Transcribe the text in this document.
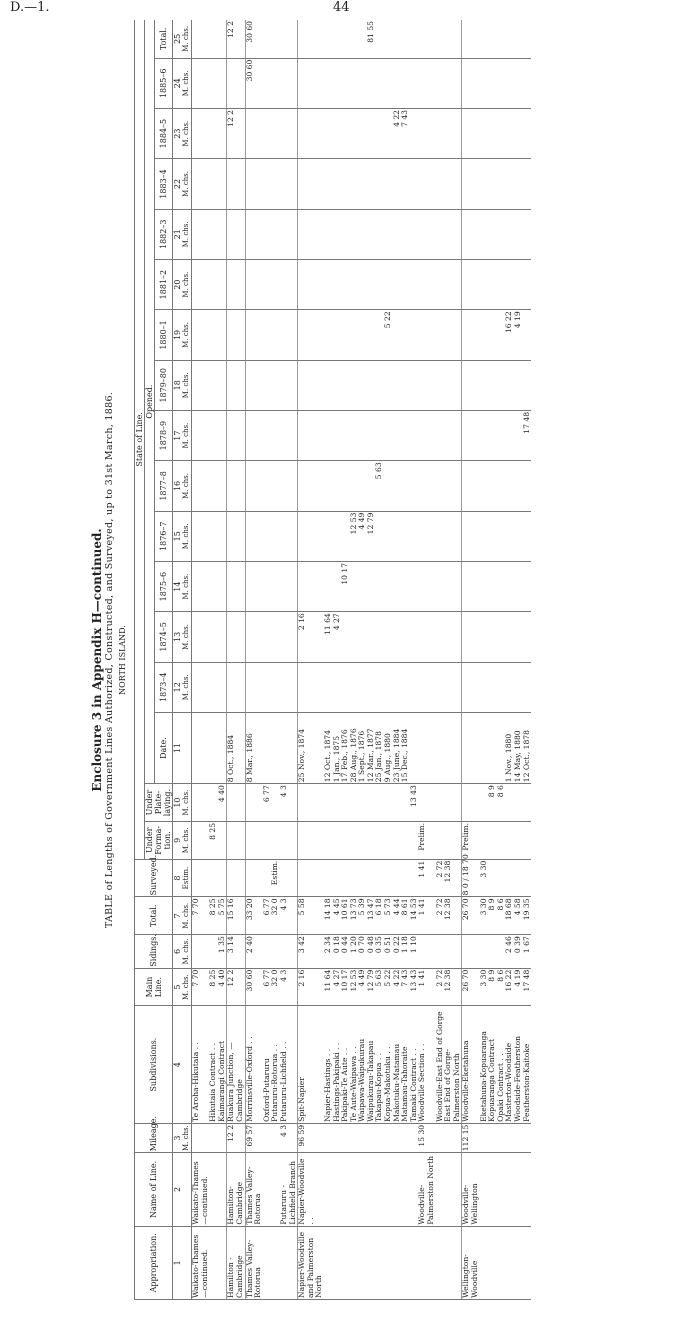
D.—1.	44
Enclosure 3 in Appendix H—continued. TABLE of Lengths of Government Lines Authorized, Constructed, and Surveyed, up to 31st March, 1886. NORTH ISLAND.
Appropriation.	Name of Line.	Mileage.	Subdivisions.	Main Line.	Sidings.	Total.	Surveyed.	State of Line.																
								Under Forma-tion.	Under Plate-laying.	Opened.														
										Date.	1873–4	1874–5	1875–6	1876–7	1877–8	1878–9	1879–80	1880–1	1881–2	1882–3	1883–4	1884–5	1885–6	Total.

1	2	3	4	5	6	7	8	9	10	11	12	13	14	15	16	17	18	19	20	21	22	23	24	25
		M. chs.		M. chs.	M. chs.	M. chs.	Estim.	M. chs.	M. chs.		M. chs.	M. chs.	M. chs.	M. chs.	M. chs.	M. chs.	M. chs.	M. chs.	M. chs.	M. chs.	M. chs.	M. chs.	M. chs.	M. chs.
Waikato-Thames —continued.	Waikato-Thames—continued.		Te Aroha-Hikutaia . .	7 70		7 70																		
			Hikutaia Contract . .	8 25		8 25		8 25																
			Kaimarangi Contract	4 40	1 35	5 75			4 40															
Hamilton - Cambridge	Hamilton-Cambridge	12 2	Ruakura Junction, —Cambridge	12 2	3 14	15 16				8 Oct., 1884												12 2		12 2
Thames Valley-Rotorua	Thames Valley-Rotorua	69 57	Morrinsville-Oxford . .	30 60	2 40	33 20				8 Mar., 1886													30 60	30 60
			Oxford-Putaruru	6 77		6 77			6 77															
			Putaruru-Rotorua . .	32 0		32 0	Estim.																	
	Putaruru - Lichfield Branch	4 3	Putaruru-Lichfield . .	4 3		4 3			4 3															
Napier-Woodville and Palmerston North	Napier-Woodville . .	96 59	Spit-Napier	2 16	3 42	5 58				25 Nov., 1874		2 16												
			Napier-Hastings . .	11 64	2 34	14 18				12 Oct., 1874		11 64												
			Hastings-Pakipaki . .	4 27	0 18	4 45				1 Jan., 1875		4 27												
			Pakipaki-Te Aute . .	10 17	0 44	10 61				17 Feb., 1876			10 17											
			Te Aute-Waipawa . .	12 53	1 20	13 73				28 Aug., 1876				12 53										
			Waipawa-Waipukurau	4 49	0 70	5 39				1 Sept., 1876				4 49										
			Waipukurau-Takapau	12 79	0 48	13 47				12 Mar., 1877				12 79										81 55
			Takapau-Kopua . .	5 63	0 35	6 18				25 Jan., 1878					5 63									
			Kopua-Makotuku . .	5 22	0 51	5 73				9 Aug., 1880								5 22						
			Makotuku-Matamau	4 22	0 22	4 44				23 June, 1884												4 22		
			Matamau-Tahoraite	7 43	1 18	8 61				15 Dec., 1884												7 43		
			Tamaki Contract . .	13 43	1 10	14 53			13 43															
	Woodville-Palmerston North	15 30	Woodville Section . .	1 41		1 41	1 41	Prelim.																
			Woodville-East End of Gorge	2 72		2 72	2 72																	
			East End of Gorge-Palmerston North	12 38		12 38	12 38																	
Wellington-Woodville	Woodville-Wellington	112 15	Woodville-Eketahuna	26 70		26 70	8 0 / 18 70	Prelim.																
			Eketahuna-Kopuaranga	3 30		3 30	3 30																	
			Kopuaranga Contract	8 9		8 9			8 9															
			Opaki Contract . .	8 6		8 6			8 6															
			Masterton-Woodside	16 22	2 46	18 68				1 Nov., 1880								16 22						
			Woodside-Featherston	4 19	0 39	4 58				14 May, 1880								4 19						
			Featherston-Kaitoke	17 48	1 67	19 35				12 Oct., 1878						17 48								
